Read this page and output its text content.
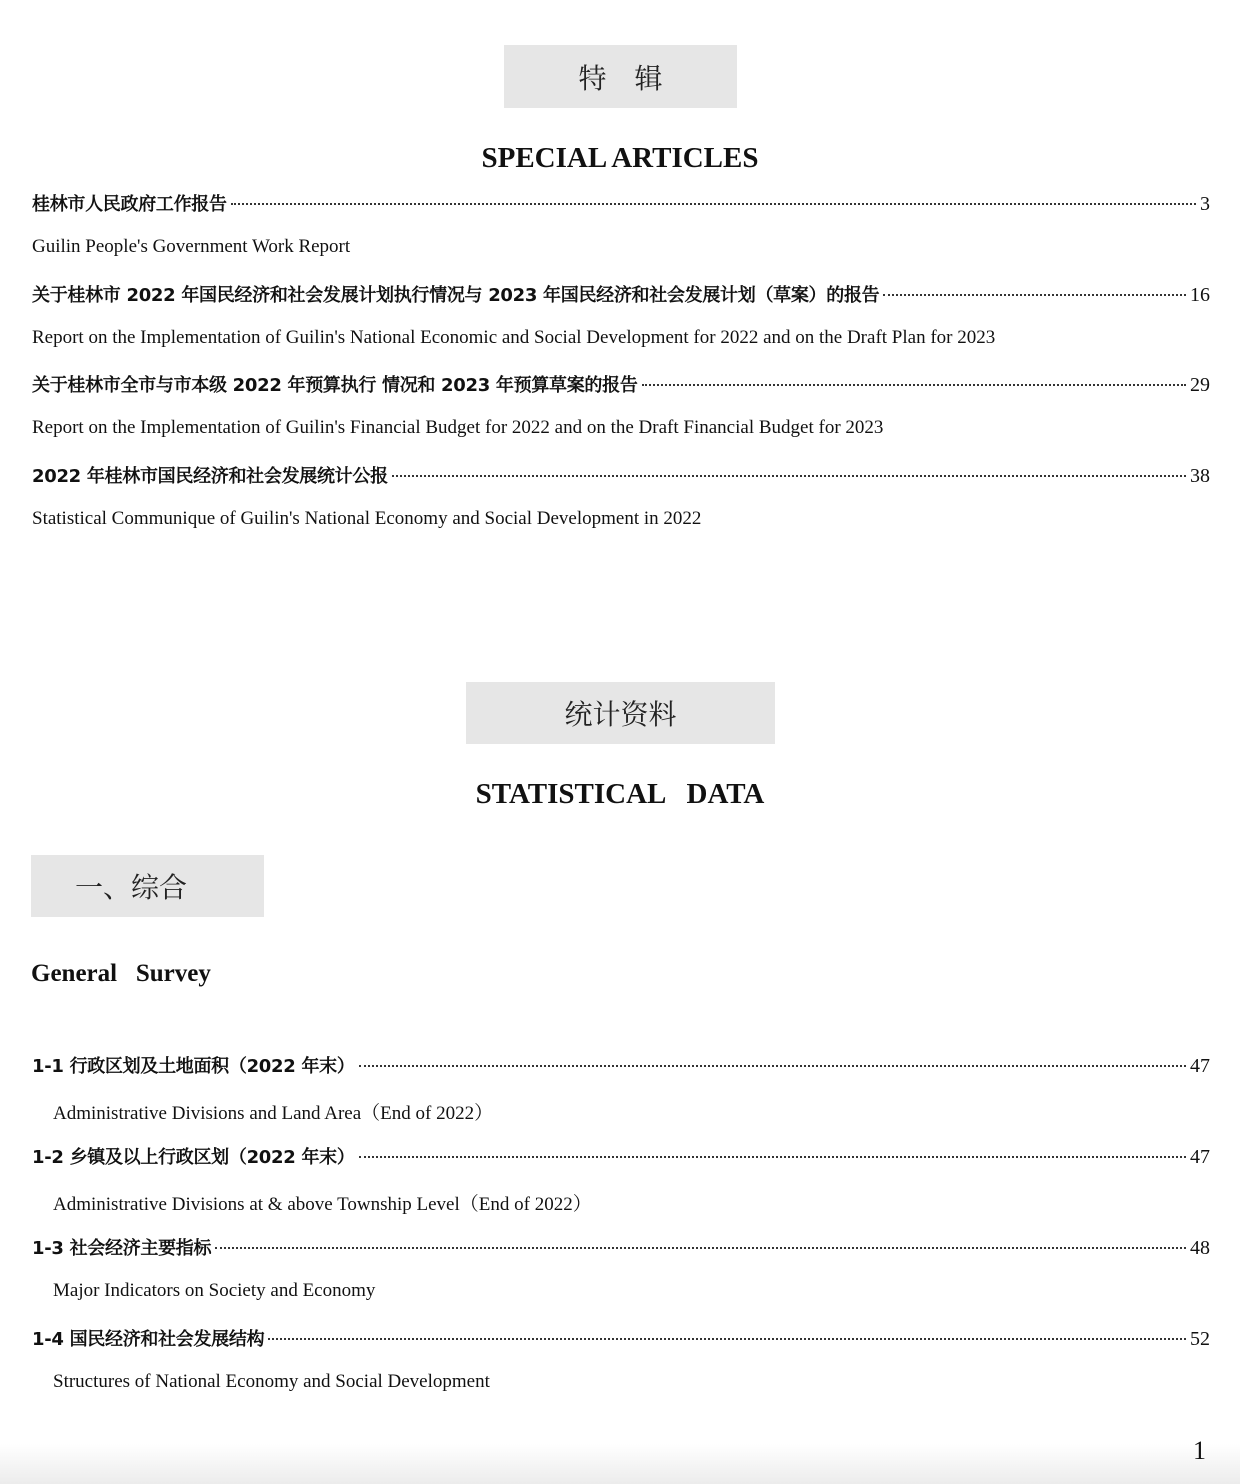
特　辑
SPECIAL ARTICLES
桂林市人民政府工作报告	3
Guilin People's Government Work Report
关于桂林市 2022 年国民经济和社会发展计划执行情况与 2023 年国民经济和社会发展计划（草案）的报告	16
Report on the Implementation of Guilin's National Economic and Social Development for 2022 and on the Draft Plan for 2023
关于桂林市全市与市本级 2022 年预算执行 情况和 2023 年预算草案的报告	29
Report on the Implementation of Guilin's Financial Budget for 2022 and on the Draft Financial Budget for 2023
2022 年桂林市国民经济和社会发展统计公报	38
Statistical Communique of Guilin's National Economy and Social Development in 2022
统计资料
STATISTICAL   DATA
一、综合
General   Survey
1-1 行政区划及土地面积（2022 年末）	47
Administrative Divisions and Land Area（End of 2022）
1-2 乡镇及以上行政区划（2022 年末）	47
Administrative Divisions at & above Township Level（End of 2022）
1-3 社会经济主要指标	48
Major Indicators on Society and Economy
1-4 国民经济和社会发展结构	52
Structures of National Economy and Social Development
1
